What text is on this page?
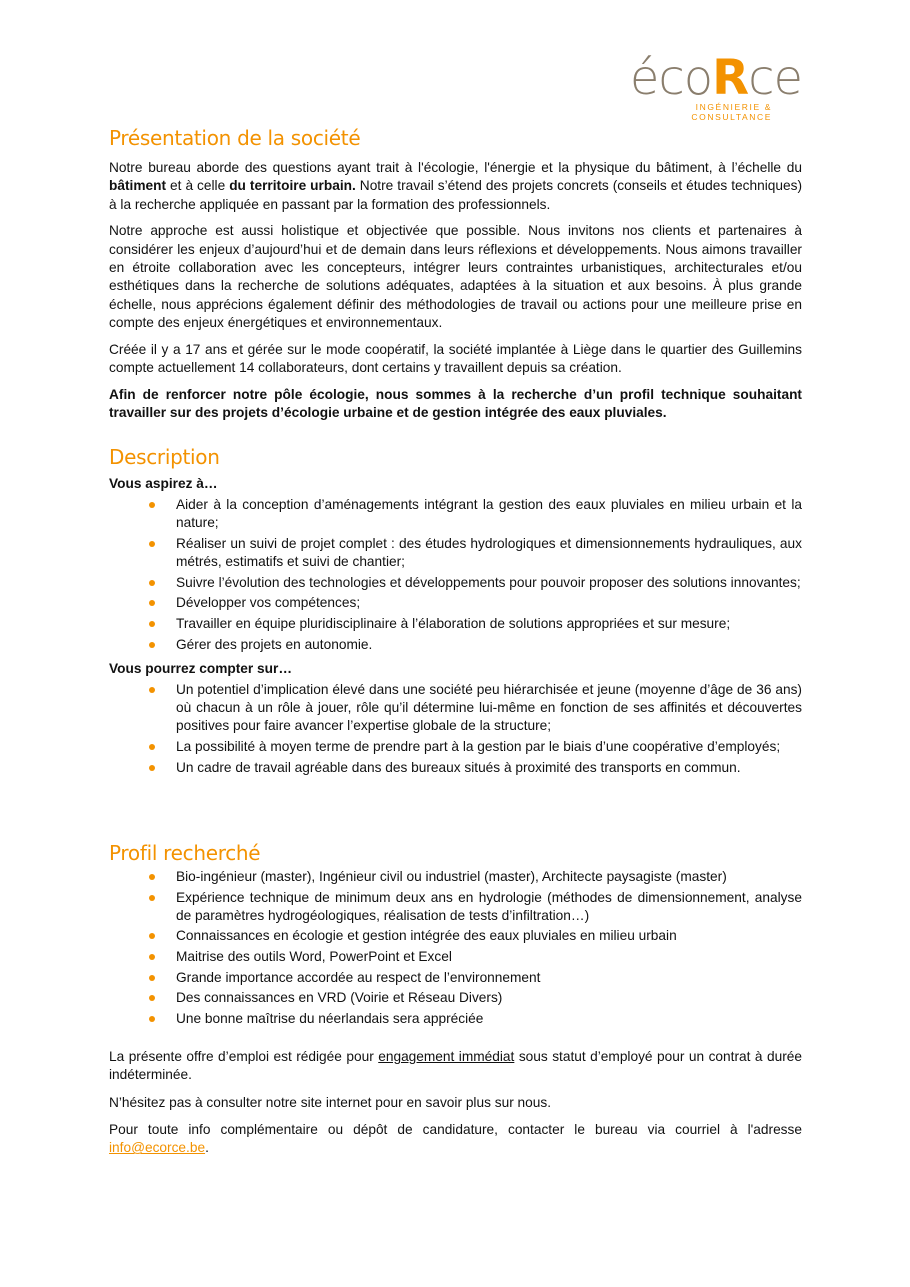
écoRce
INGÉNIERIE & CONSULTANCE
Présentation de la société

Notre bureau aborde des questions ayant trait à l'écologie, l'énergie et la physique du bâtiment, à l’échelle du bâtiment et à celle du territoire urbain. Notre travail s’étend des projets concrets (conseils et études techniques) à la recherche appliquée en passant par la formation des professionnels.

Notre approche est aussi holistique et objectivée que possible. Nous invitons nos clients et partenaires à considérer les enjeux d’aujourd’hui et de demain dans leurs réflexions et développements. Nous aimons travailler en étroite collaboration avec les concepteurs, intégrer leurs contraintes urbanistiques, architecturales et/ou esthétiques dans la recherche de solutions adéquates, adaptées à la situation et aux besoins. À plus grande échelle, nous apprécions également définir des méthodologies de travail ou actions pour une meilleure prise en compte des enjeux énergétiques et environnementaux.

Créée il y a 17 ans et gérée sur le mode coopératif, la société implantée à Liège dans le quartier des Guillemins compte actuellement 14 collaborateurs, dont certains y travaillent depuis sa création.

Afin de renforcer notre pôle écologie, nous sommes à la recherche d’un profil technique souhaitant travailler sur des projets d’écologie urbaine et de gestion intégrée des eaux pluviales.

Description
Vous aspirez à…
Aider à la conception d’aménagements intégrant la gestion des eaux pluviales en milieu urbain et la nature;
Réaliser un suivi de projet complet : des études hydrologiques et dimensionnements hydrauliques, aux métrés, estimatifs et suivi de chantier;
Suivre l’évolution des technologies et développements pour pouvoir proposer des solutions innovantes;
Développer vos compétences;
Travailler en équipe pluridisciplinaire à l’élaboration de solutions appropriées et sur mesure;
Gérer des projets en autonomie.
Vous pourrez compter sur…
Un potentiel d’implication élevé dans une société peu hiérarchisée et jeune (moyenne d’âge de 36 ans) où chacun à un rôle à jouer, rôle qu’il détermine lui-même en fonction de ses affinités et découvertes positives pour faire avancer l’expertise globale de la structure;
La possibilité à moyen terme de prendre part à la gestion par le biais d’une coopérative d’employés;
Un cadre de travail agréable dans des bureaux situés à proximité des transports en commun.
Profil recherché
Bio-ingénieur (master), Ingénieur civil ou industriel (master), Architecte paysagiste (master)
Expérience technique de minimum deux ans en hydrologie (méthodes de dimensionnement, analyse de paramètres hydrogéologiques, réalisation de tests d’infiltration…)
Connaissances en écologie et gestion intégrée des eaux pluviales en milieu urbain
Maitrise des outils Word, PowerPoint et Excel
Grande importance accordée au respect de l’environnement
Des connaissances en VRD (Voirie et Réseau Divers)
Une bonne maîtrise du néerlandais sera appréciée

La présente offre d’emploi est rédigée pour engagement immédiat sous statut d’employé pour un contrat à durée indéterminée.

N’hésitez pas à consulter notre site internet pour en savoir plus sur nous.

Pour toute info complémentaire ou dépôt de candidature, contacter le bureau via courriel à l'adresse info@ecorce.be.
